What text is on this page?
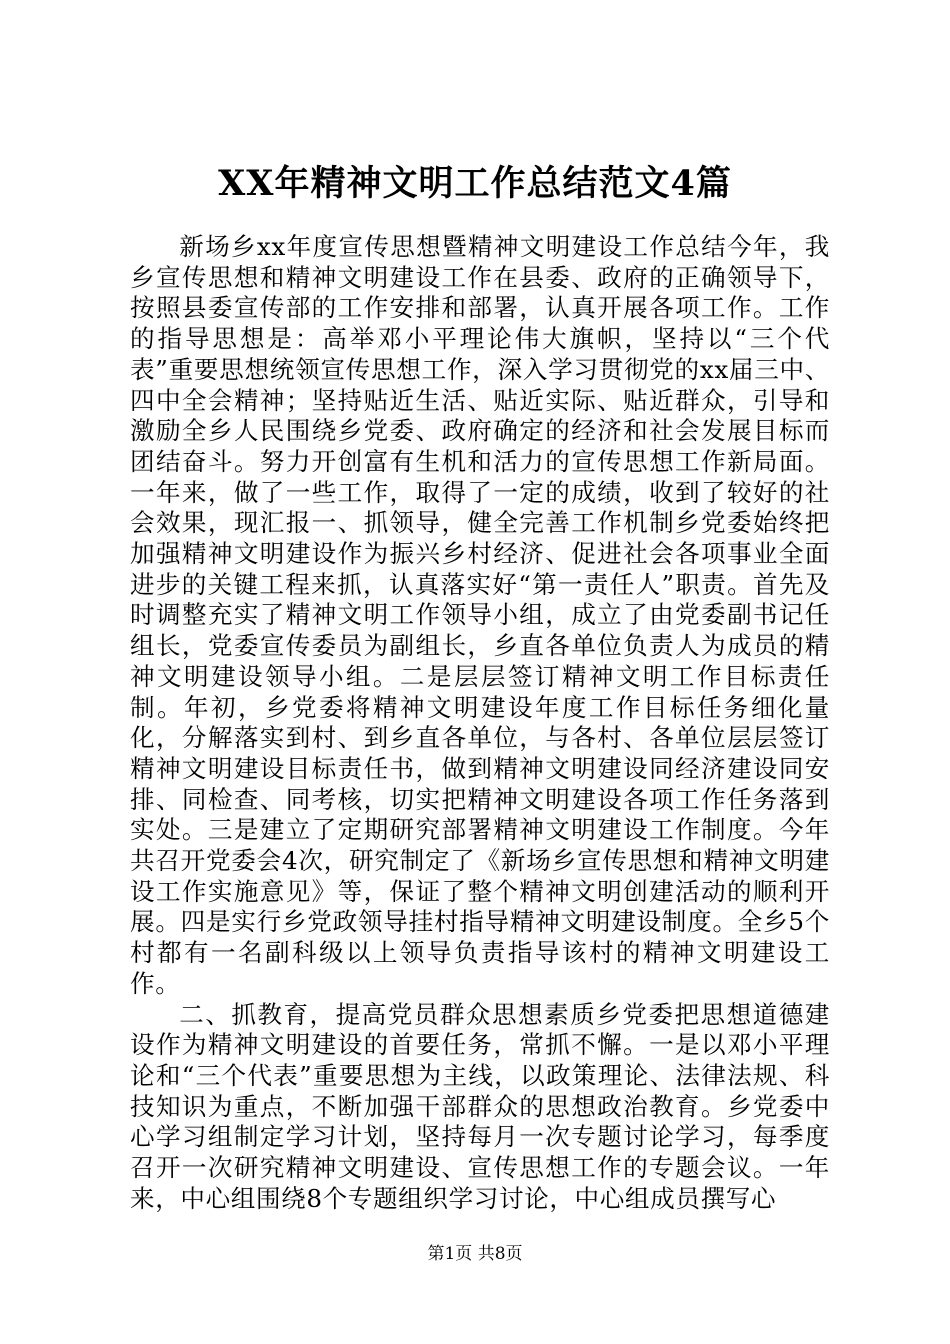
XX年精神文明工作总结范文4篇

新场乡xx年度宣传思想暨精神文明建设工作总结今年，我乡宣传思想和精神文明建设工作在县委、政府的正确领导下，按照县委宣传部的工作安排和部署，认真开展各项工作。工作的指导思想是：高举邓小平理论伟大旗帜，坚持以“三个代表”重要思想统领宣传思想工作，深入学习贯彻党的xx届三中、四中全会精神；坚持贴近生活、贴近实际、贴近群众，引导和激励全乡人民围绕乡党委、政府确定的经济和社会发展目标而团结奋斗。努力开创富有生机和活力的宣传思想工作新局面。一年来，做了一些工作，取得了一定的成绩，收到了较好的社会效果，现汇报一、抓领导，健全完善工作机制乡党委始终把加强精神文明建设作为振兴乡村经济、促进社会各项事业全面进步的关键工程来抓，认真落实好“第一责任人”职责。首先及时调整充实了精神文明工作领导小组，成立了由党委副书记任组长，党委宣传委员为副组长，乡直各单位负责人为成员的精神文明建设领导小组。二是层层签订精神文明工作目标责任制。年初，乡党委将精神文明建设年度工作目标任务细化量化，分解落实到村、到乡直各单位，与各村、各单位层层签订精神文明建设目标责任书，做到精神文明建设同经济建设同安排、同检查、同考核，切实把精神文明建设各项工作任务落到实处。三是建立了定期研究部署精神文明建设工作制度。今年共召开党委会4次，研究制定了《新场乡宣传思想和精神文明建设工作实施意见》等，保证了整个精神文明创建活动的顺利开展。四是实行乡党政领导挂村指导精神文明建设制度。全乡5个村都有一名副科级以上领导负责指导该村的精神文明建设工作。

二、抓教育，提高党员群众思想素质乡党委把思想道德建设作为精神文明建设的首要任务，常抓不懈。一是以邓小平理论和“三个代表”重要思想为主线，以政策理论、法律法规、科技知识为重点，不断加强干部群众的思想政治教育。乡党委中心学习组制定学习计划，坚持每月一次专题讨论学习，每季度召开一次研究精神文明建设、宣传思想工作的专题会议。一年来，中心组围绕8个专题组织学习讨论，中心组成员撰写心

第1页 共8页
